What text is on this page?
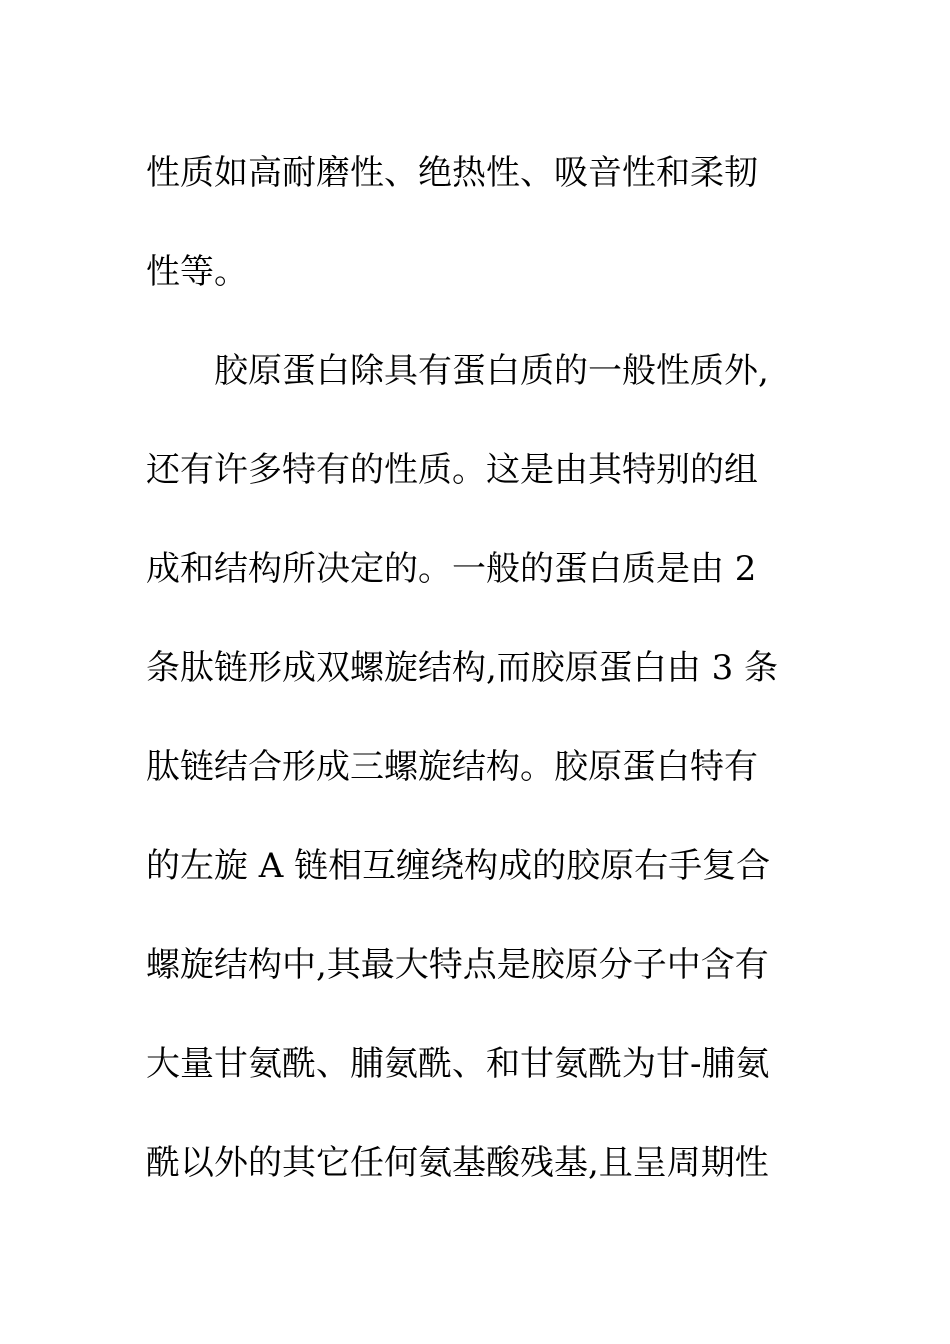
性质如高耐磨性、绝热性、吸音性和柔韧
性等。
胶原蛋白除具有蛋白质的一般性质外,
还有许多特有的性质。这是由其特别的组
成和结构所决定的。一般的蛋白质是由 2
条肽链形成双螺旋结构,而胶原蛋白由 3 条
肽链结合形成三螺旋结构。胶原蛋白特有
的左旋 A 链相互缠绕构成的胶原右手复合
螺旋结构中,其最大特点是胶原分子中含有
大量甘氨酰、脯氨酰、和甘氨酰为甘-脯氨
酰以外的其它任何氨基酸残基,且呈周期性
